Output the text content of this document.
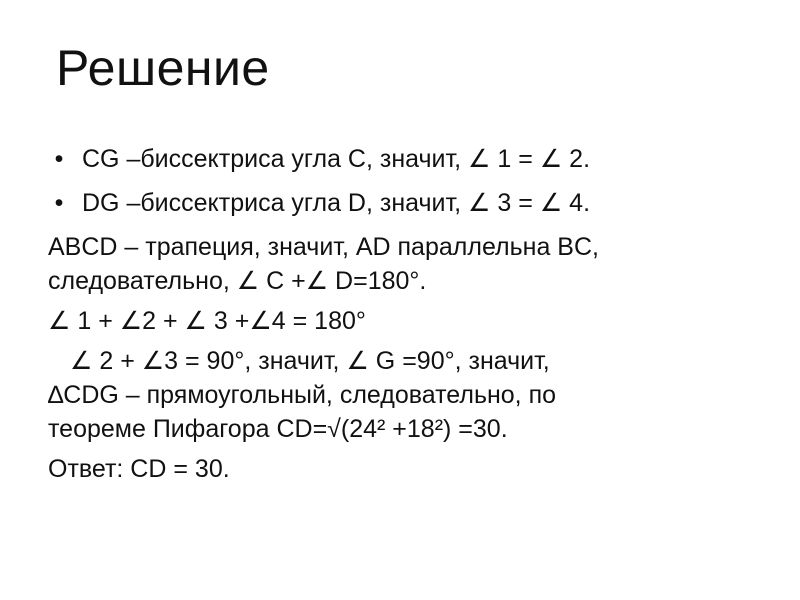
Решение
• CG –биссектриса угла С, значит, ∠ 1 = ∠ 2.
• DG –биссектриса угла D, значит, ∠ 3 = ∠ 4.
ABCD – трапеция, значит, AD параллельна BC,
следовательно, ∠ C +∠ D=180°.
∠ 1 + ∠2 + ∠ 3 +∠4 = 180°
∠ 2 + ∠3 = 90°, значит, ∠ G =90°, значит,
∆CDG – прямоугольный, следовательно, по
теореме Пифагора CD=√(24² +18²) =30.
Ответ: CD = 30.
